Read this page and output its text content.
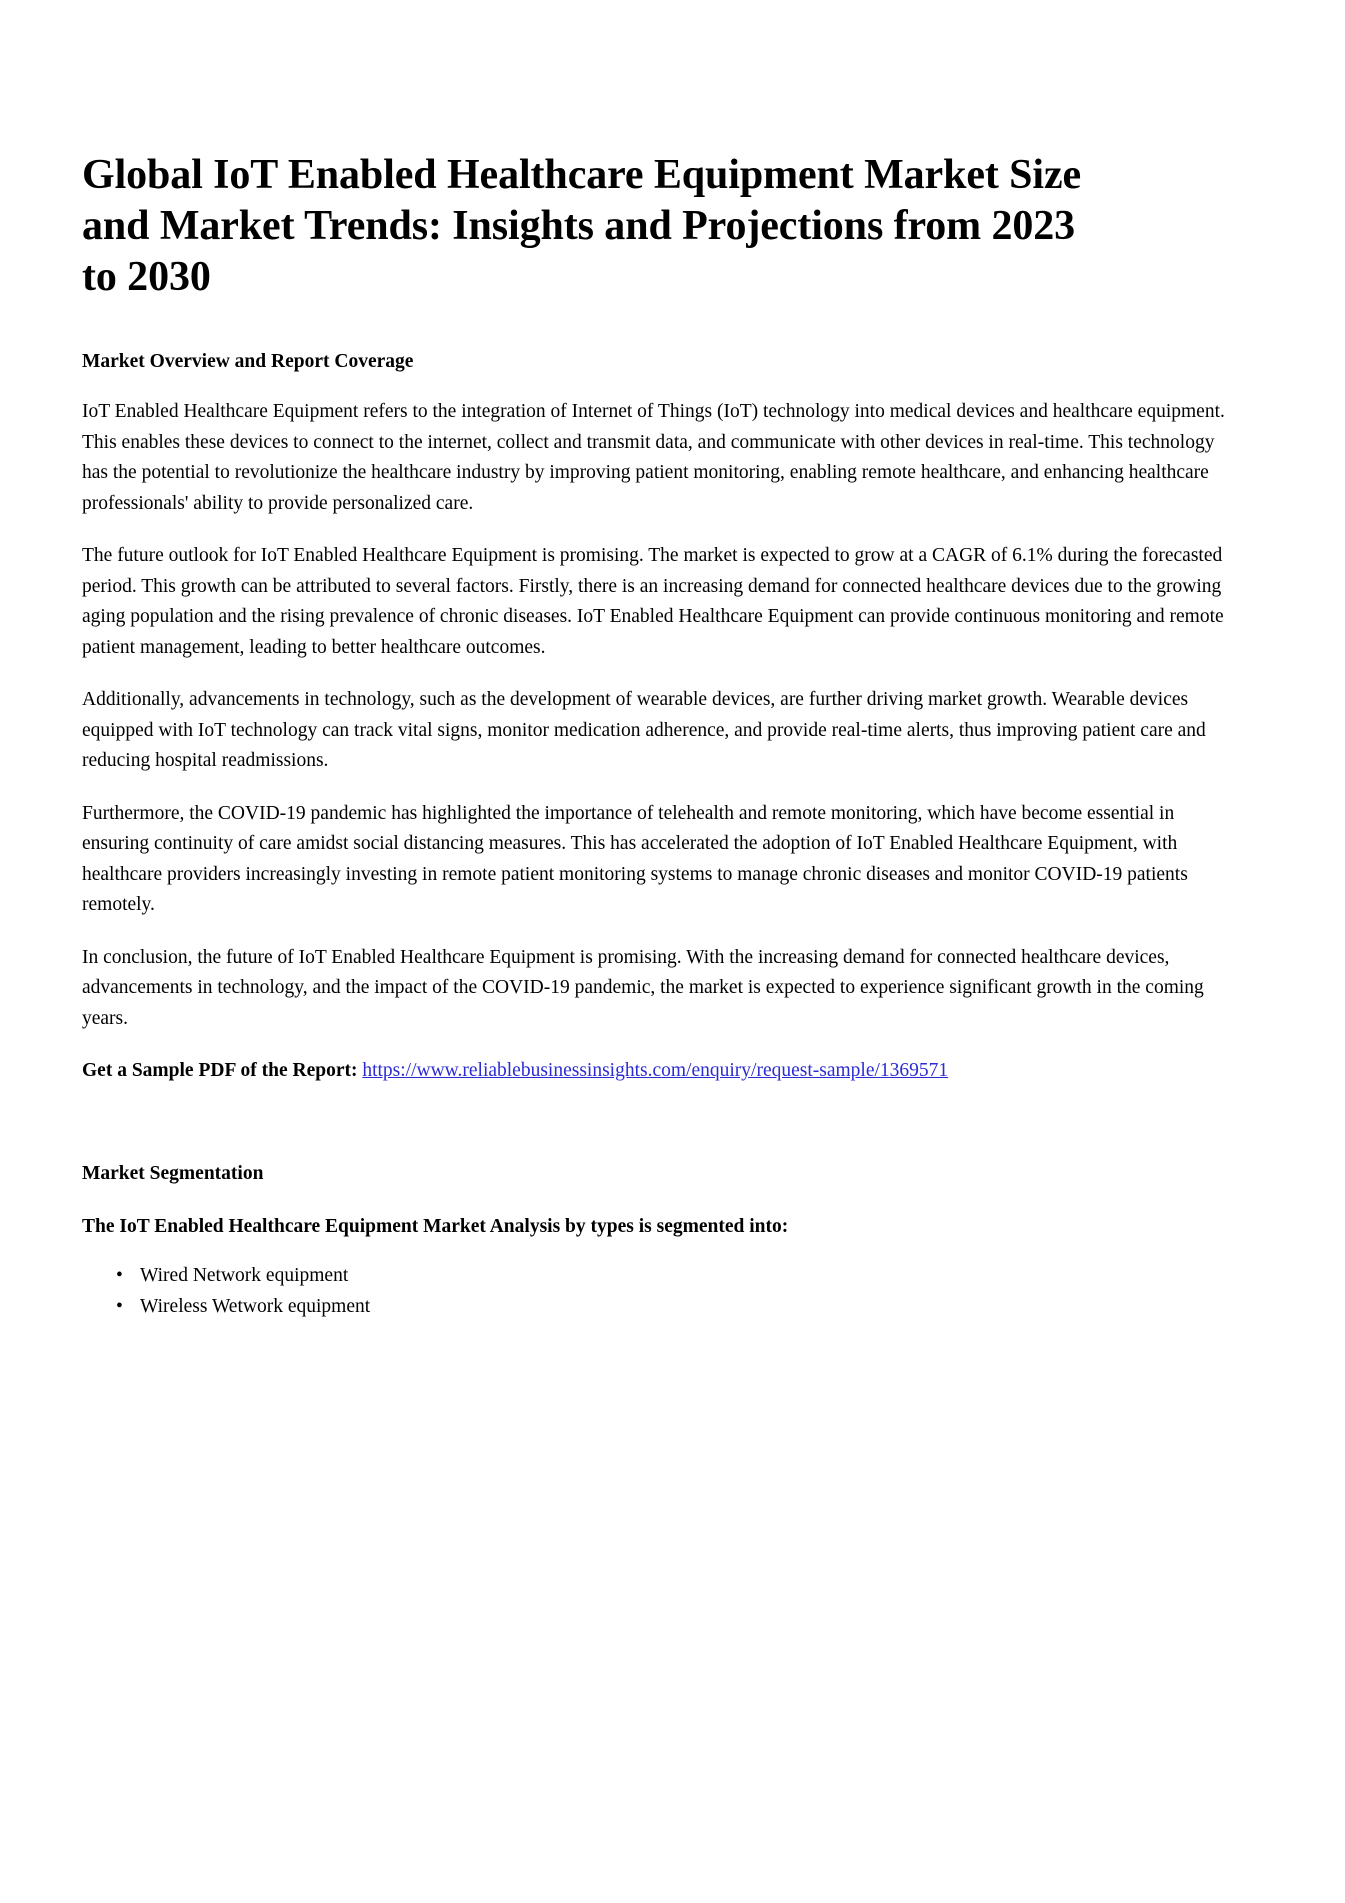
Global IoT Enabled Healthcare Equipment Market Size and Market Trends: Insights and Projections from 2023 to 2030
Market Overview and Report Coverage

IoT Enabled Healthcare Equipment refers to the integration of Internet of Things (IoT) technology into medical devices and healthcare equipment. This enables these devices to connect to the internet, collect and transmit data, and communicate with other devices in real-time. This technology has the potential to revolutionize the healthcare industry by improving patient monitoring, enabling remote healthcare, and enhancing healthcare professionals' ability to provide personalized care.

The future outlook for IoT Enabled Healthcare Equipment is promising. The market is expected to grow at a CAGR of 6.1% during the forecasted period. This growth can be attributed to several factors. Firstly, there is an increasing demand for connected healthcare devices due to the growing aging population and the rising prevalence of chronic diseases. IoT Enabled Healthcare Equipment can provide continuous monitoring and remote patient management, leading to better healthcare outcomes.

Additionally, advancements in technology, such as the development of wearable devices, are further driving market growth. Wearable devices equipped with IoT technology can track vital signs, monitor medication adherence, and provide real-time alerts, thus improving patient care and reducing hospital readmissions.

Furthermore, the COVID-19 pandemic has highlighted the importance of telehealth and remote monitoring, which have become essential in ensuring continuity of care amidst social distancing measures. This has accelerated the adoption of IoT Enabled Healthcare Equipment, with healthcare providers increasingly investing in remote patient monitoring systems to manage chronic diseases and monitor COVID-19 patients remotely.

In conclusion, the future of IoT Enabled Healthcare Equipment is promising. With the increasing demand for connected healthcare devices, advancements in technology, and the impact of the COVID-19 pandemic, the market is expected to experience significant growth in the coming years.

Get a Sample PDF of the Report: https://www.reliablebusinessinsights.com/enquiry/request-sample/1369571

Market Segmentation
The IoT Enabled Healthcare Equipment Market Analysis by types is segmented into:
• Wired Network equipment
• Wireless Wetwork equipment
